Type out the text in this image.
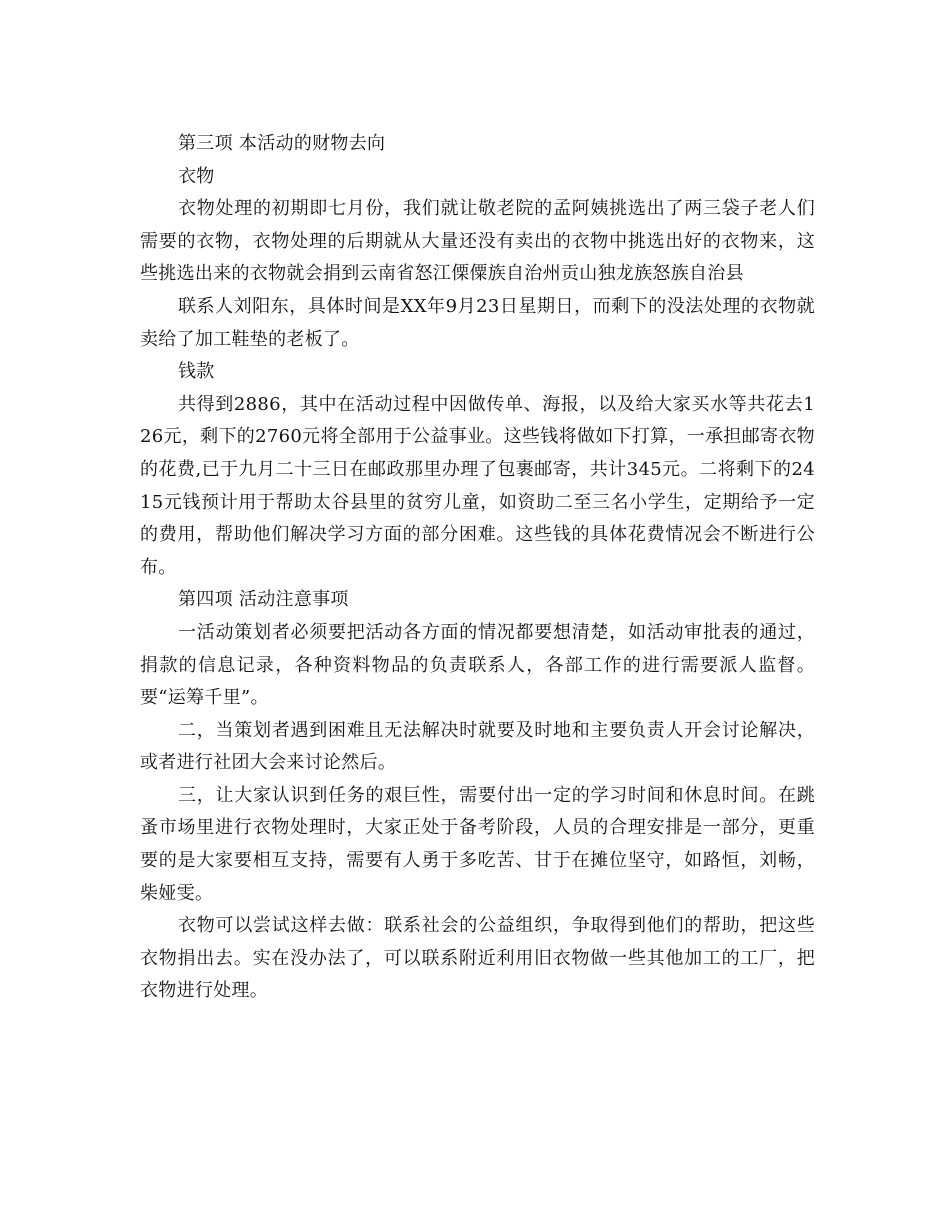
第三项 本活动的财物去向

衣物

衣物处理的初期即七月份，我们就让敬老院的孟阿姨挑选出了两三袋子老人们需要的衣物，衣物处理的后期就从大量还没有卖出的衣物中挑选出好的衣物来，这些挑选出来的衣物就会捐到云南省怒江傈僳族自治州贡山独龙族怒族自治县

联系人刘阳东，具体时间是XX年9月23日星期日，而剩下的没法处理的衣物就卖给了加工鞋垫的老板了。

钱款

共得到2886，其中在活动过程中因做传单、海报，以及给大家买水等共花去126元，剩下的2760元将全部用于公益事业。这些钱将做如下打算，一承担邮寄衣物的花费,已于九月二十三日在邮政那里办理了包裹邮寄，共计345元。二将剩下的2415元钱预计用于帮助太谷县里的贫穷儿童，如资助二至三名小学生，定期给予一定的费用，帮助他们解决学习方面的部分困难。这些钱的具体花费情况会不断进行公布。

第四项 活动注意事项

一活动策划者必须要把活动各方面的情况都要想清楚，如活动审批表的通过，捐款的信息记录，各种资料物品的负责联系人，各部工作的进行需要派人监督。要“运筹千里”。

二，当策划者遇到困难且无法解决时就要及时地和主要负责人开会讨论解决，或者进行社团大会来讨论然后。

三，让大家认识到任务的艰巨性，需要付出一定的学习时间和休息时间。在跳蚤市场里进行衣物处理时，大家正处于备考阶段，人员的合理安排是一部分，更重要的是大家要相互支持，需要有人勇于多吃苦、甘于在摊位坚守，如路恒，刘畅，柴娅雯。

衣物可以尝试这样去做：联系社会的公益组织，争取得到他们的帮助，把这些衣物捐出去。实在没办法了，可以联系附近利用旧衣物做一些其他加工的工厂，把衣物进行处理。
